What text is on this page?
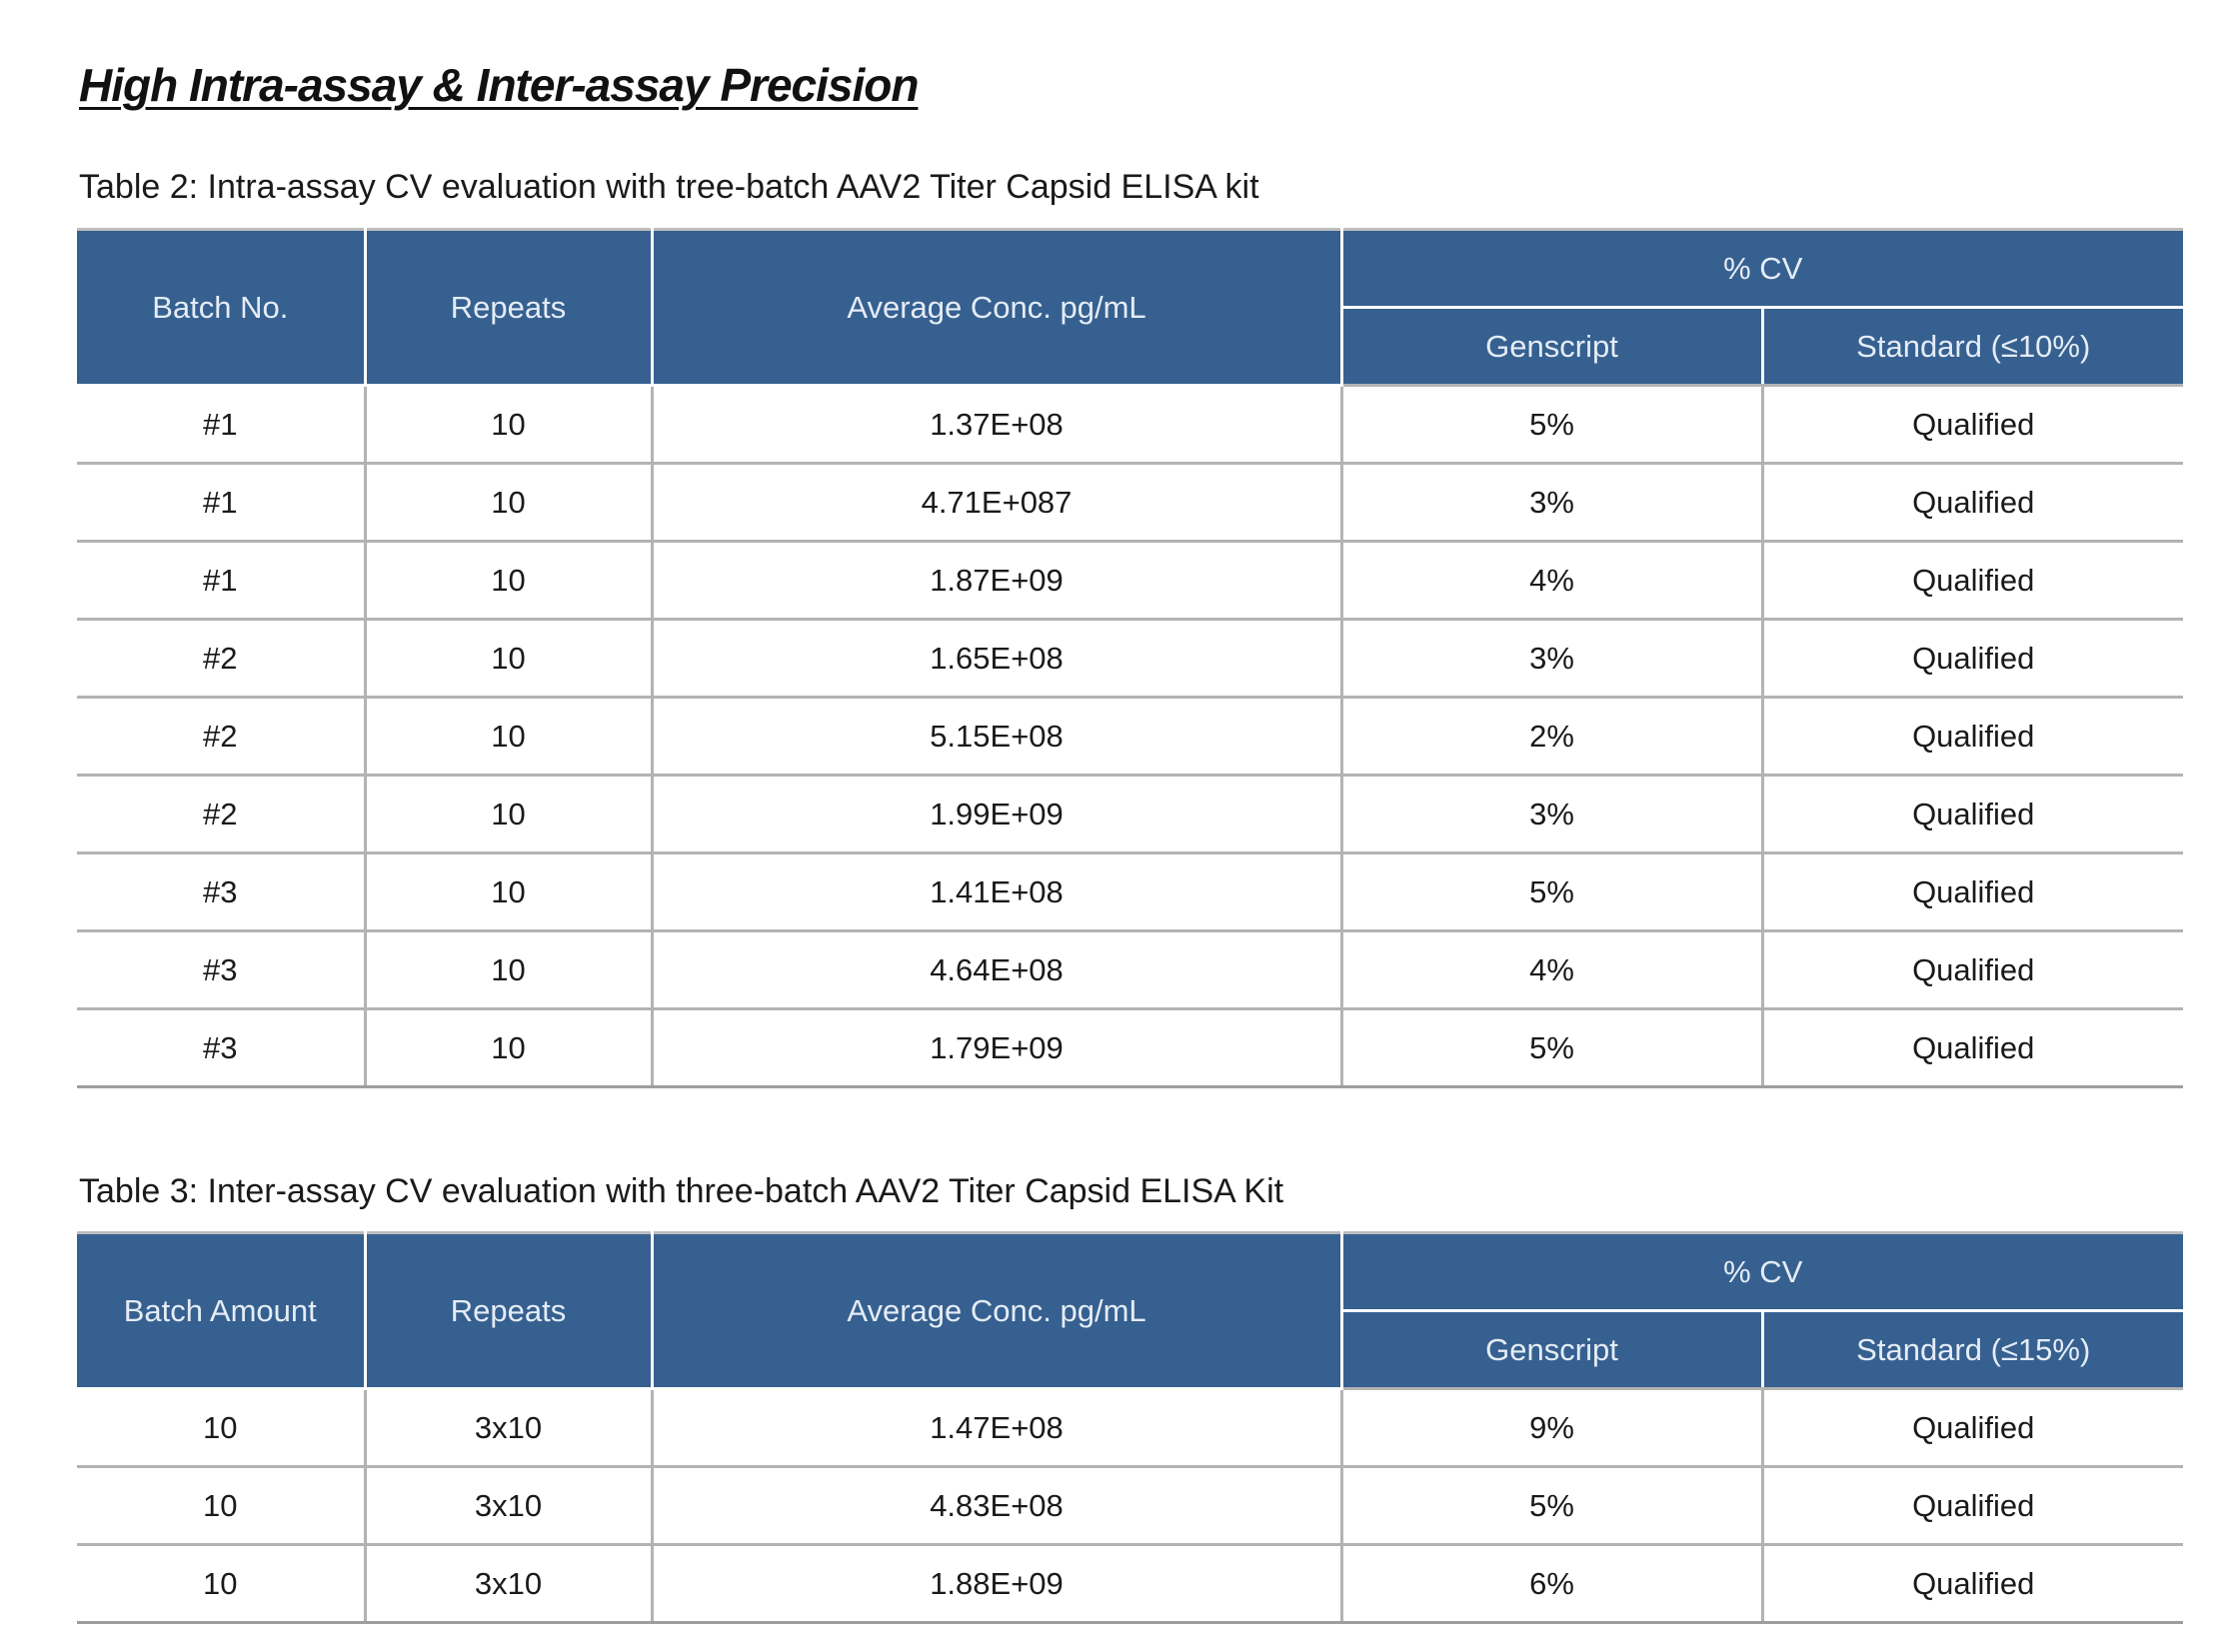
High Intra-assay & Inter-assay Precision
Table 2: Intra-assay CV evaluation with tree-batch AAV2 Titer Capsid ELISA kit
Batch No.	Repeats	Average Conc. pg/mL	% CV	
			Genscript	Standard (≤10%)
#1	10	1.37E+08	5%	Qualified
#1	10	4.71E+087	3%	Qualified
#1	10	1.87E+09	4%	Qualified
#2	10	1.65E+08	3%	Qualified
#2	10	5.15E+08	2%	Qualified
#2	10	1.99E+09	3%	Qualified
#3	10	1.41E+08	5%	Qualified
#3	10	4.64E+08	4%	Qualified
#3	10	1.79E+09	5%	Qualified
Table 3: Inter-assay CV evaluation with three-batch AAV2 Titer Capsid ELISA Kit
Batch Amount	Repeats	Average Conc. pg/mL	% CV	
			Genscript	Standard (≤15%)
10	3x10	1.47E+08	9%	Qualified
10	3x10	4.83E+08	5%	Qualified
10	3x10	1.88E+09	6%	Qualified
